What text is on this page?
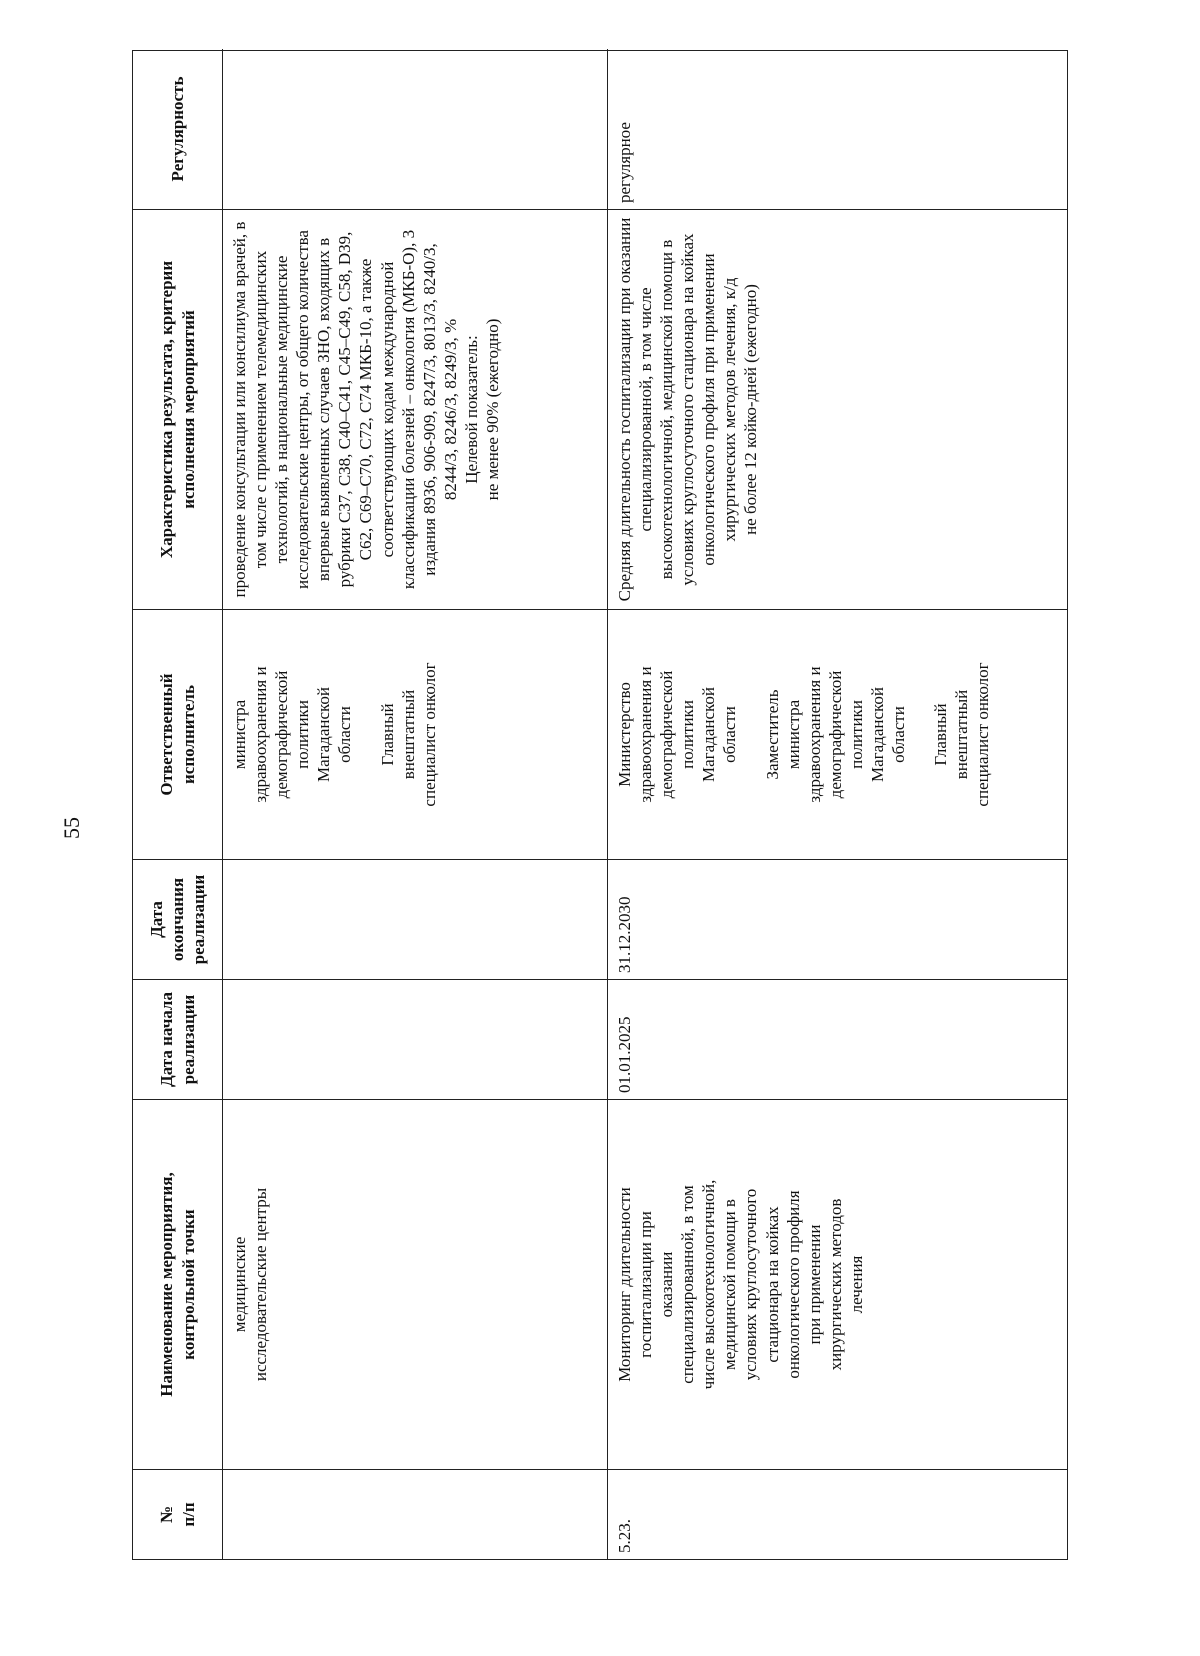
55
№
п/п
Наименование мероприятия,
контрольной точки
Дата начала
реализации
Дата
окончания
реализации
Ответственный
исполнитель
Характеристика результата, критерии
исполнения мероприятий
Регулярность
медицинские
исследовательские центры
министра
здравоохранения и
демографической
политики
Магаданской
области

Главный
внештатный
специалист онколог
проведение консультации или консилиума врачей, в том числе с применением телемедицинских технологий, в национальные медицинские исследовательские центры, от общего количества впервые выявленных случаев ЗНО, входящих в рубрики C37, C38, C40–C41, C45–C49, C58, D39, C62, C69–C70, C72, C74 МКБ-10, а также соответствующих кодам международной классификации болезней – онкология (МКБ-О), 3 издания 8936, 906-909, 8247/3, 8013/3, 8240/3, 8244/3, 8246/3, 8249/3, %
Целевой показатель:
не менее 90% (ежегодно)
5.23.
Мониторинг длительности
госпитализации при
оказании
специализированной, в том
числе высокотехнологичной,
медицинской помощи в
условиях круглосуточного
стационара на койках
онкологического профиля
при применении
хирургических методов
лечения
01.01.2025
31.12.2030
Министерство
здравоохранения и
демографической
политики
Магаданской
области

Заместитель
министра
здравоохранения и
демографической
политики
Магаданской
области

Главный
внештатный
специалист онколог
Средняя длительность госпитализации при оказании специализированной, в том числе высокотехнологичной, медицинской помощи в условиях круглосуточного стационара на койках онкологического профиля при применении хирургических методов лечения, к/д
не более 12 койко-дней (ежегодно)
регулярное
